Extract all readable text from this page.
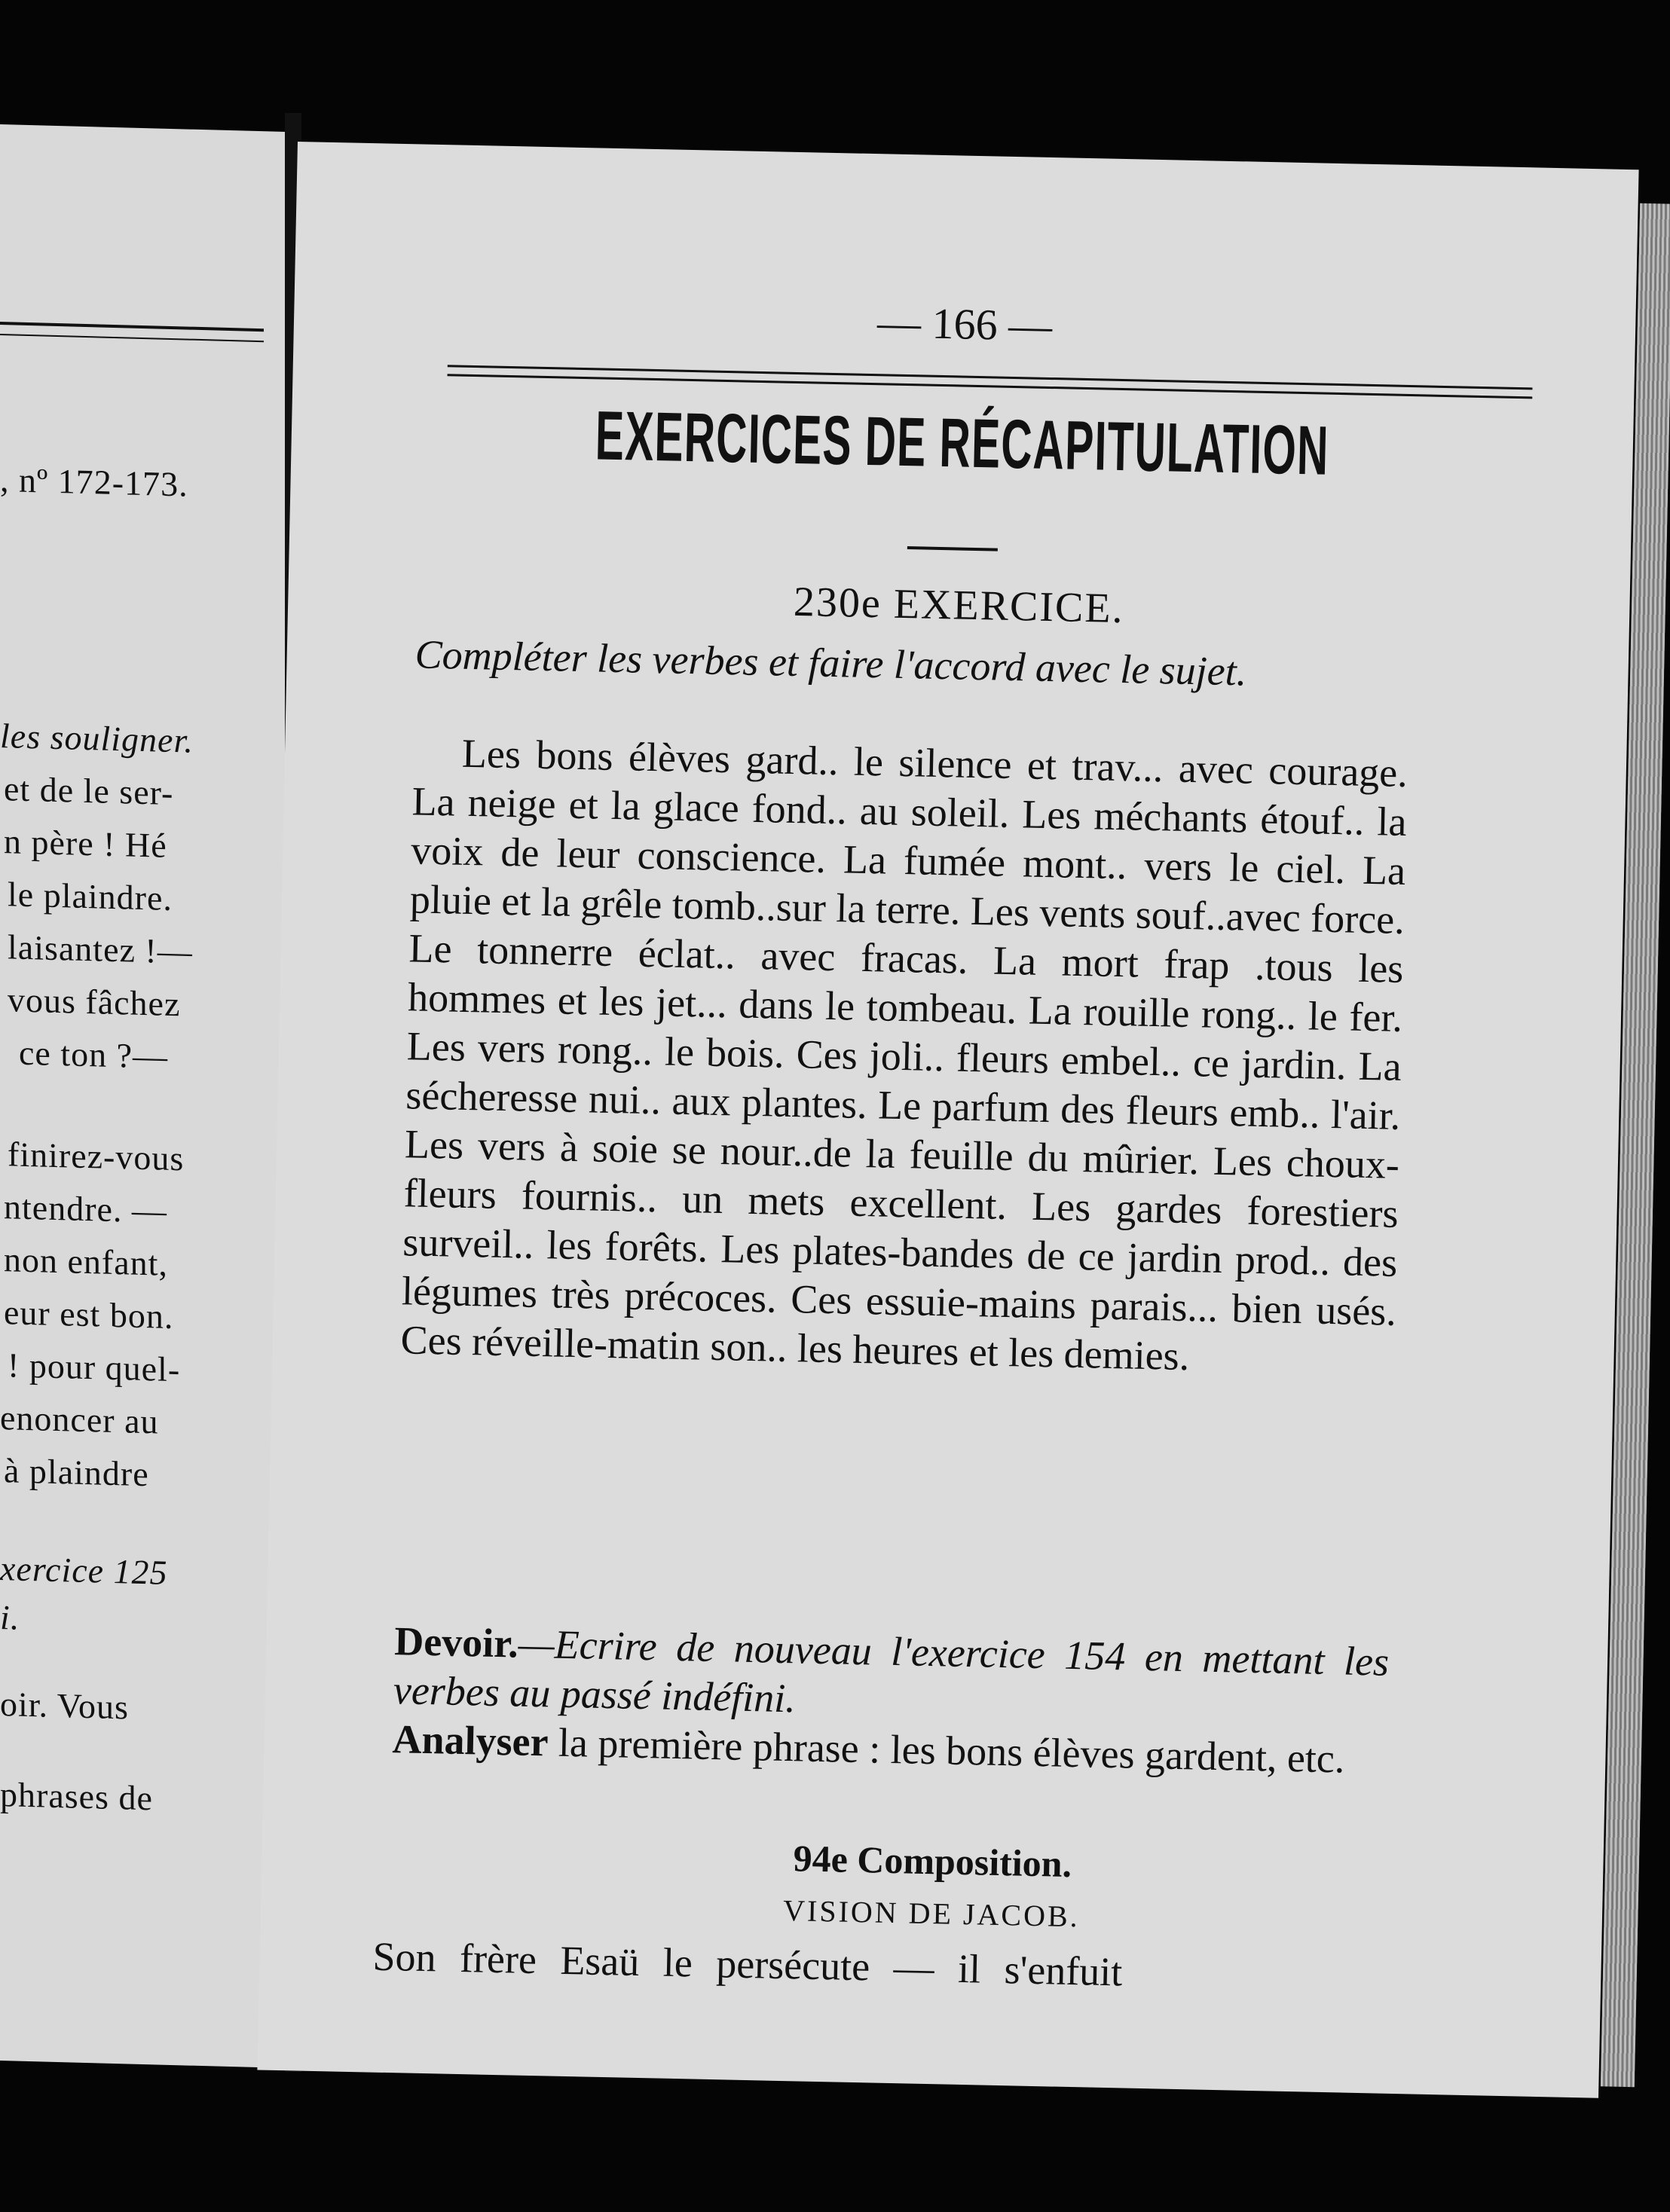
, nº 172-173.
les souligner.
et de le ser-
n père ! Hé
le plaindre.
laisantez !—
vous fâchez
ce ton ?—
finirez-vous
ntendre. —
non enfant,
eur est bon.
! pour quel-
enoncer au
à plaindre
xercice 125
i.
oir. Vous
phrases de
— 166 —
EXERCICES DE RÉCAPITULATION
230e EXERCICE.
Compléter les verbes et faire l'accord avec le sujet.
Les bons élèves gard.. le silence et trav... avec courage. La neige et la glace fond.. au soleil. Les méchants étouf.. la voix de leur conscience. La fumée mont.. vers le ciel. La pluie et la grêle tomb..sur la terre. Les vents souf..avec force. Le tonnerre éclat.. avec fracas. La mort frap .tous les hommes et les jet... dans le tombeau. La rouille rong.. le fer. Les vers rong.. le bois. Ces joli.. fleurs embel.. ce jardin. La sécheresse nui.. aux plantes. Le parfum des fleurs emb.. l'air. Les vers à soie se nour..de la feuille du mûrier. Les choux-fleurs fournis.. un mets excellent. Les gardes forestiers surveil.. les forêts. Les plates-bandes de ce jardin prod.. des légumes très précoces. Ces essuie-mains parais... bien usés. Ces réveille-matin son.. les heures et les demies.
Devoir.—Ecrire de nouveau l'exercice 154 en mettant les verbes au passé indéfini.
Analyser la première phrase : les bons élèves gardent, etc.
94e Composition.
VISION DE JACOB.
Son frère Esaü le persécute — il s'enfuit
